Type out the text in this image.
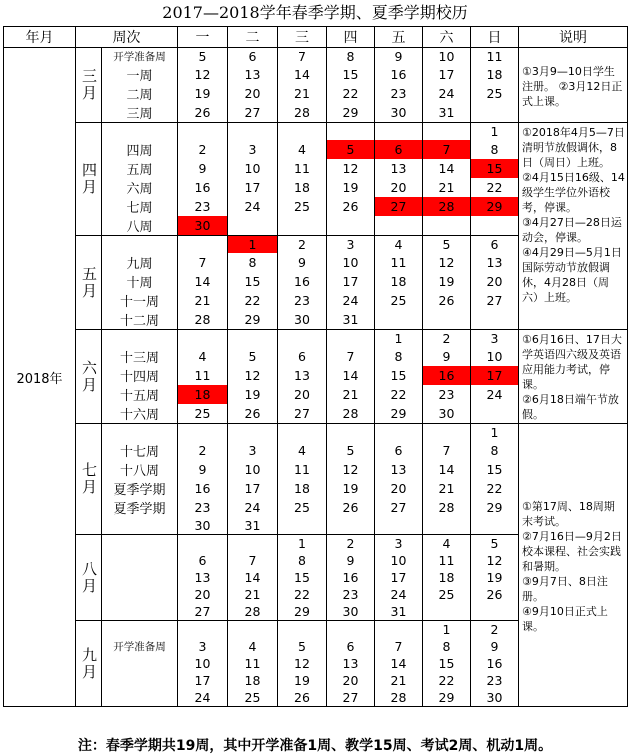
2017—2018学年春季学期、夏季学期校历
年月	周次		一	二	三	四	五	六	日	说明
2018年	三月	开学准备周	5	6	7	8	9	10	11	①3月9—10日学生注册。 ②3月12日正式上课。

		一周	12	13	14	15	16	17	18	
		二周	19	20	21	22	23	24	25	
		三周	26	27	28	29	30	31		

	四月								1	①2018年4月5—7日清明节放假调休，8日（周日）上班。
②4月15日16级、14级学生学位外语校考，停课。
③4月27日—28日运动会，停课。
④4月29日—5月1日国际劳动节放假调休，4月28日（周六）上班。

		四周	2	3	4	5	6	7	8	
		五周	9	10	11	12	13	14	15	
		六周	16	17	18	19	20	21	22	
		七周	23	24	25	26	27	28	29	
		八周	30							

	五月			1	2	3	4	5	6	
		九周	7	8	9	10	11	12	13	
		十周	14	15	16	17	18	19	20	
		十一周	21	22	23	24	25	26	27	
		十二周	28	29	30	31				

	六月						1	2	3	①6月16日、17日大学英语四六级及英语应用能力考试，停课。
②6月18日端午节放假。

		十三周	4	5	6	7	8	9	10	
		十四周	11	12	13	14	15	16	17	
		十五周	18	19	20	21	22	23	24	
		十六周	25	26	27	28	29	30		

	七月								1	①第17周、18周期末考试。
②7月16日—9月2日校本课程、社会实践和暑期。
③9月7日、8日注册。
④9月10日正式上课。

		十七周	2	3	4	5	6	7	8	
		十八周	9	10	11	12	13	14	15	
		夏季学期	16	17	18	19	20	21	22	
		夏季学期	23	24	25	26	27	28	29	
			30	31						

	八月				1	2	3	4	5	
			6	7	8	9	10	11	12	
			13	14	15	16	17	18	19	
			20	21	22	23	24	25	26	
			27	28	29	30	31			

	九月							1	2	
		开学准备周	3	4	5	6	7	8	9	
			10	11	12	13	14	15	16	
			17	18	19	20	21	22	23	
			24	25	26	27	28	29	30	
注：春季学期共19周，其中开学准备1周、教学15周、考试2周、机动1周。
